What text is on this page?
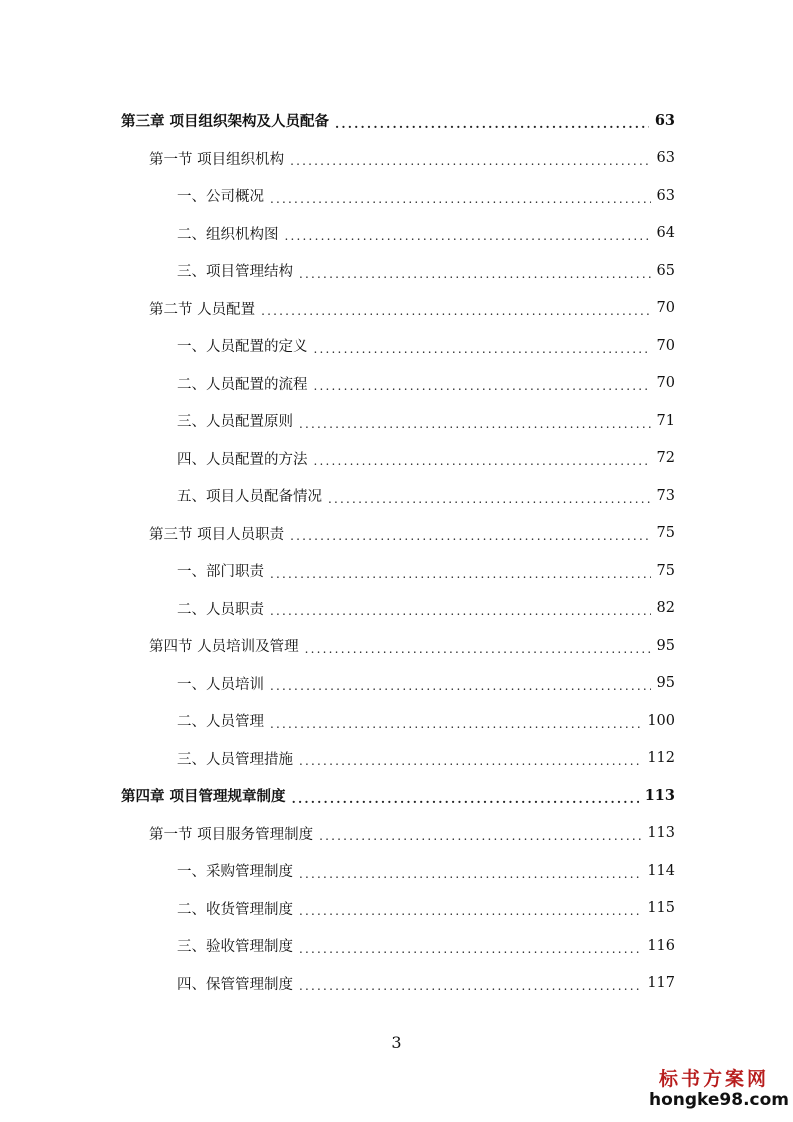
第三章 项目组织架构及人员配备 .....	63
第一节 项目组织机构 .....	63
一、公司概况 .....	63
二、组织机构图 .....	64
三、项目管理结构 .....	65
第二节 人员配置 .....	70
一、人员配置的定义 .....	70
二、人员配置的流程 .....	70
三、人员配置原则 .....	71
四、人员配置的方法 .....	72
五、项目人员配备情况 .....	73
第三节 项目人员职责 .....	75
一、部门职责 .....	75
二、人员职责 .....	82
第四节 人员培训及管理 .....	95
一、人员培训 .....	95
二、人员管理 .....	100
三、人员管理措施 .....	112
第四章 项目管理规章制度 .....	113
第一节 项目服务管理制度 .....	113
一、采购管理制度 .....	114
二、收货管理制度 .....	115
三、验收管理制度 .....	116
四、保管管理制度 .....	117
3
标书方案网
hongke98.com
